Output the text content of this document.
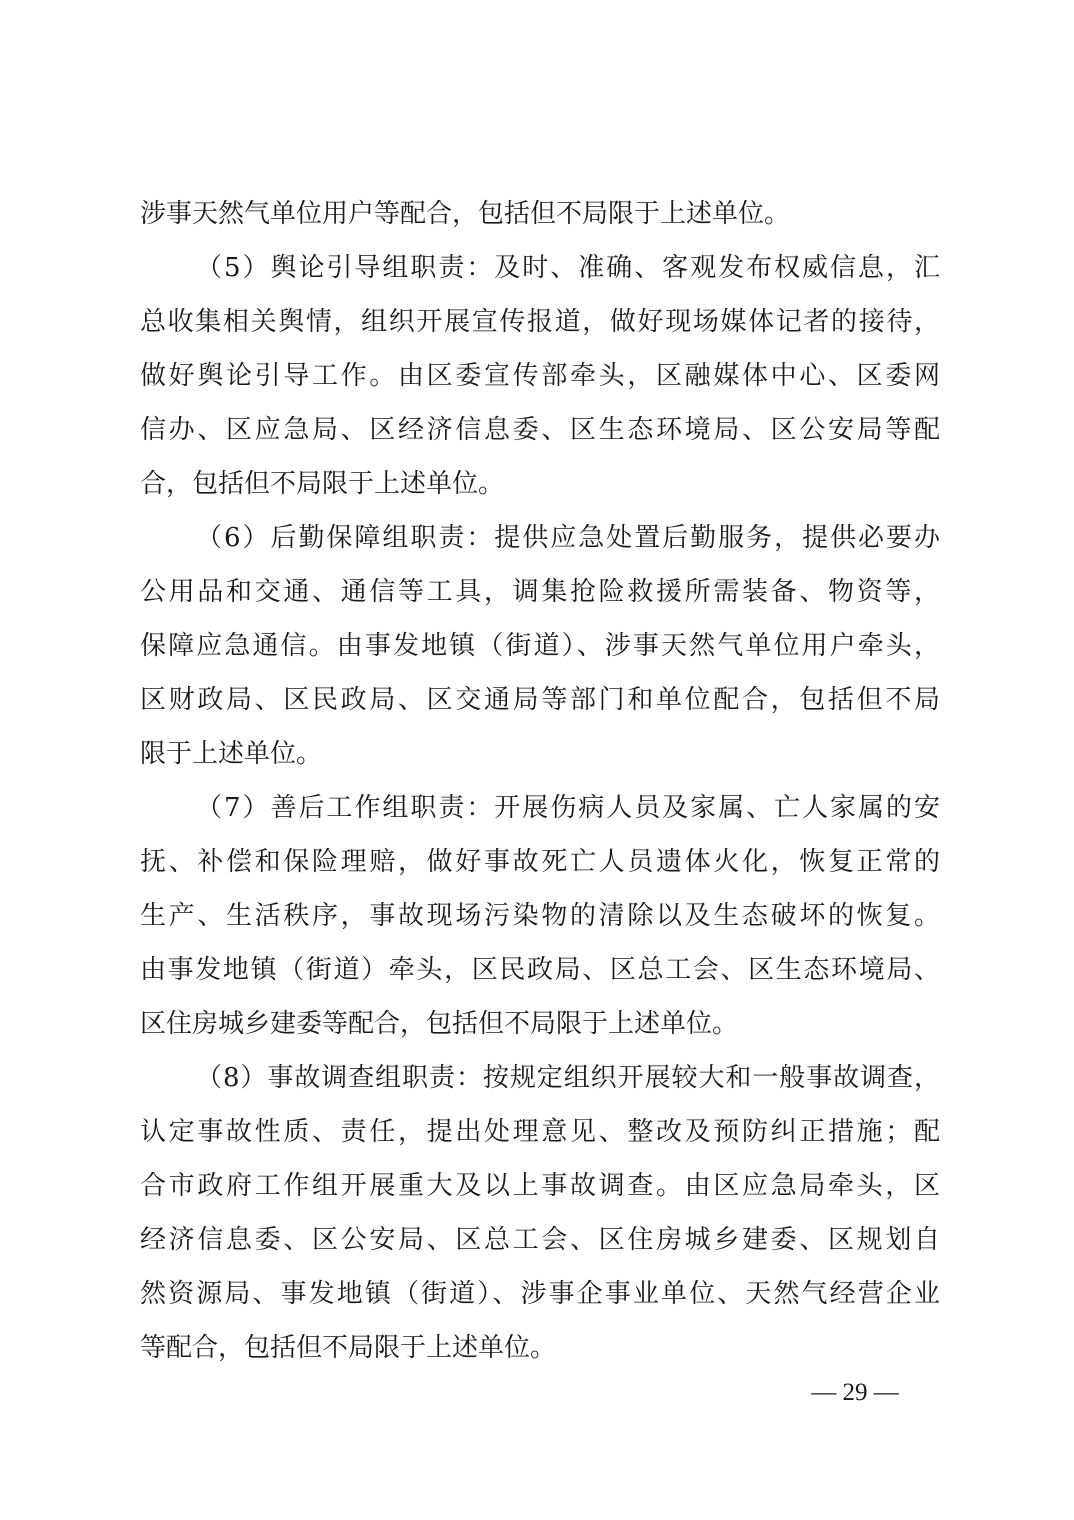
涉事天然气单位用户等配合，包括但不局限于上述单位。
（5）舆论引导组职责：及时、准确、客观发布权威信息，汇
总收集相关舆情，组织开展宣传报道，做好现场媒体记者的接待，
做好舆论引导工作。由区委宣传部牵头，区融媒体中心、区委网
信办、区应急局、区经济信息委、区生态环境局、区公安局等配
合，包括但不局限于上述单位。
（6）后勤保障组职责：提供应急处置后勤服务，提供必要办
公用品和交通、通信等工具，调集抢险救援所需装备、物资等，
保障应急通信。由事发地镇（街道）、涉事天然气单位用户牵头，
区财政局、区民政局、区交通局等部门和单位配合，包括但不局
限于上述单位。
（7）善后工作组职责：开展伤病人员及家属、亡人家属的安
抚、补偿和保险理赔，做好事故死亡人员遗体火化，恢复正常的
生产、生活秩序，事故现场污染物的清除以及生态破坏的恢复。
由事发地镇（街道）牵头，区民政局、区总工会、区生态环境局、
区住房城乡建委等配合，包括但不局限于上述单位。
（8）事故调查组职责：按规定组织开展较大和一般事故调查，
认定事故性质、责任，提出处理意见、整改及预防纠正措施；配
合市政府工作组开展重大及以上事故调查。由区应急局牵头，区
经济信息委、区公安局、区总工会、区住房城乡建委、区规划自
然资源局、事发地镇（街道）、涉事企事业单位、天然气经营企业
等配合，包括但不局限于上述单位。
— 29 —
